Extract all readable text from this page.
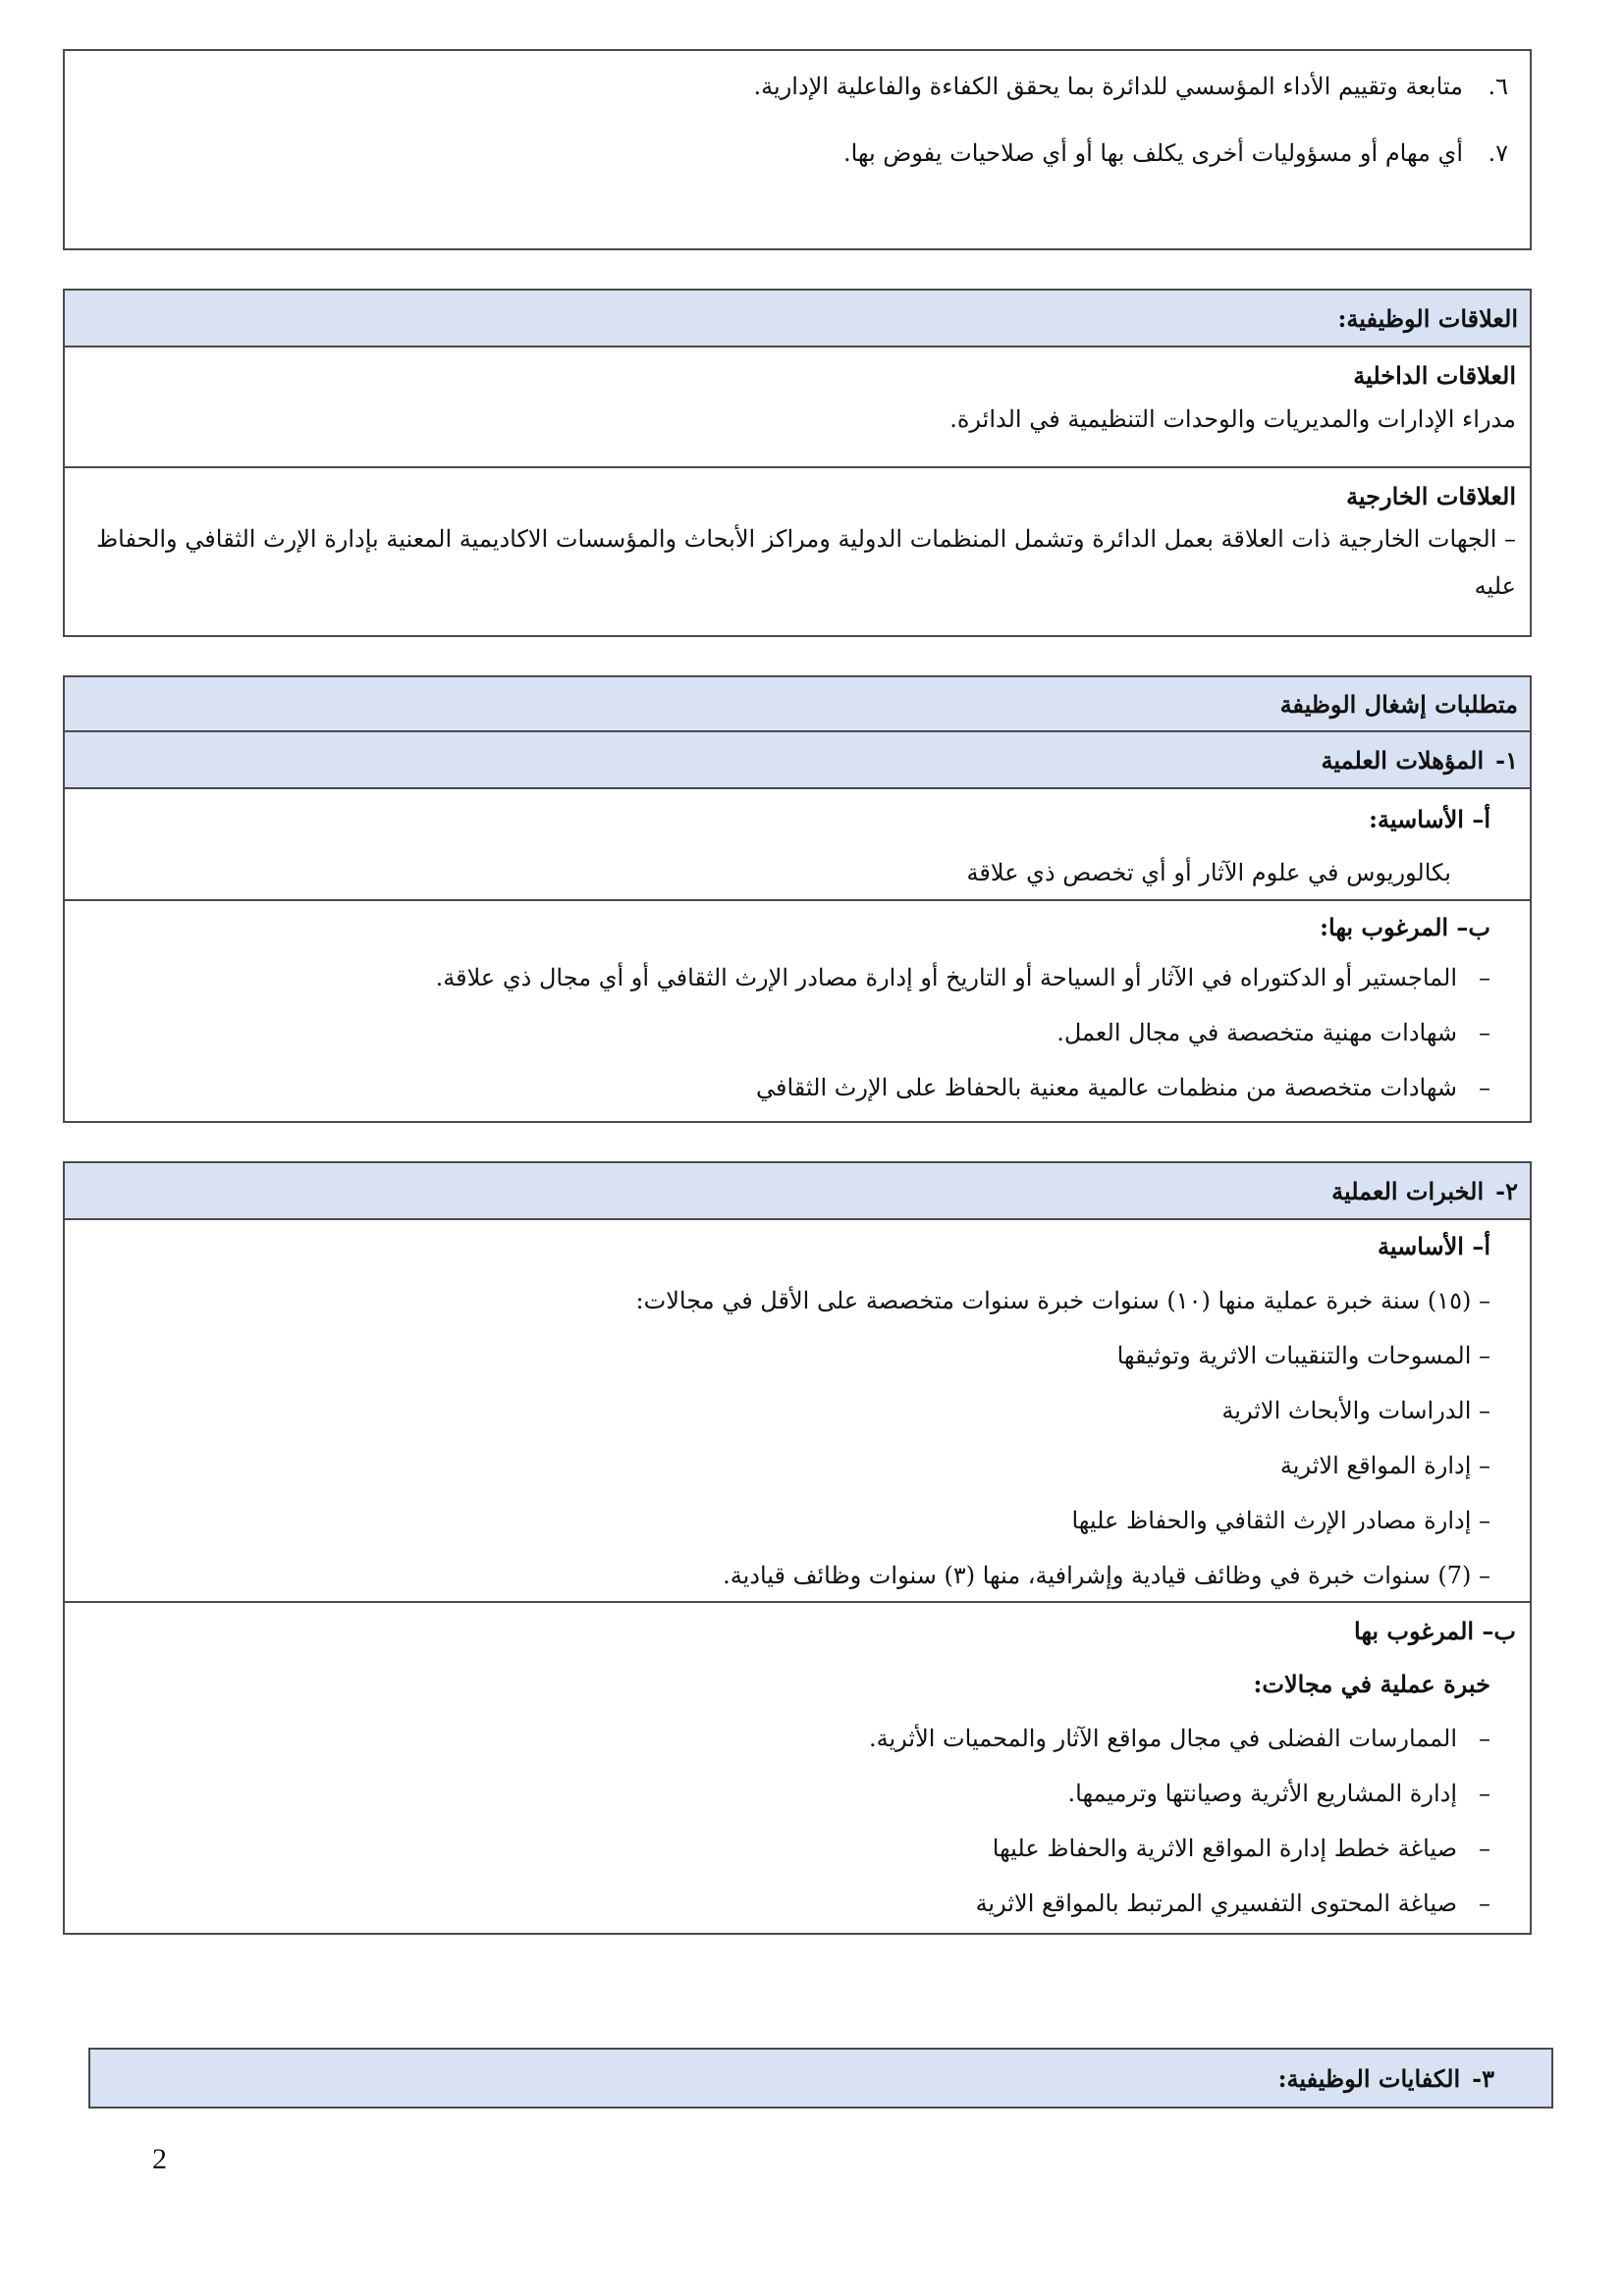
٦.
متابعة وتقييم الأداء المؤسسي للدائرة بما يحقق الكفاءة والفاعلية الإدارية.
٧.
أي مهام أو مسؤوليات أخرى يكلف بها أو أي صلاحيات يفوض بها.
العلاقات الوظيفية:
العلاقات الداخلية
مدراء الإدارات والمديريات والوحدات التنظيمية في الدائرة.
العلاقات الخارجية
– الجهات الخارجية ذات العلاقة بعمل الدائرة وتشمل المنظمات الدولية ومراكز الأبحاث والمؤسسات الاكاديمية المعنية بإدارة الإرث الثقافي والحفاظ عليه
متطلبات إشغال الوظيفة
١-
المؤهلات العلمية
أ– الأساسية:
بكالوريوس في علوم الآثار أو أي تخصص ذي علاقة
ب– المرغوب بها:
–
الماجستير أو الدكتوراه في الآثار أو السياحة أو التاريخ أو إدارة مصادر الإرث الثقافي أو أي مجال ذي علاقة.
–
شهادات مهنية متخصصة في مجال العمل.
–
شهادات متخصصة من منظمات عالمية معنية بالحفاظ على الإرث الثقافي
٢-
الخبرات العملية
أ– الأساسية
– (١٥) سنة خبرة عملية منها (١٠) سنوات خبرة سنوات متخصصة على الأقل في مجالات:
– المسوحات والتنقيبات الاثرية وتوثيقها
– الدراسات والأبحاث الاثرية
– إدارة المواقع الاثرية
– إدارة مصادر الإرث الثقافي والحفاظ عليها
– (7) سنوات خبرة في وظائف قيادية وإشرافية، منها (٣) سنوات وظائف قيادية.
ب– المرغوب بها
خبرة عملية في مجالات:
–
الممارسات الفضلى في مجال مواقع الآثار والمحميات الأثرية.
–
إدارة المشاريع الأثرية وصيانتها وترميمها.
–
صياغة خطط إدارة المواقع الاثرية والحفاظ عليها
–
صياغة المحتوى التفسيري المرتبط بالمواقع الاثرية
٣-
الكفايات الوظيفية:
2
